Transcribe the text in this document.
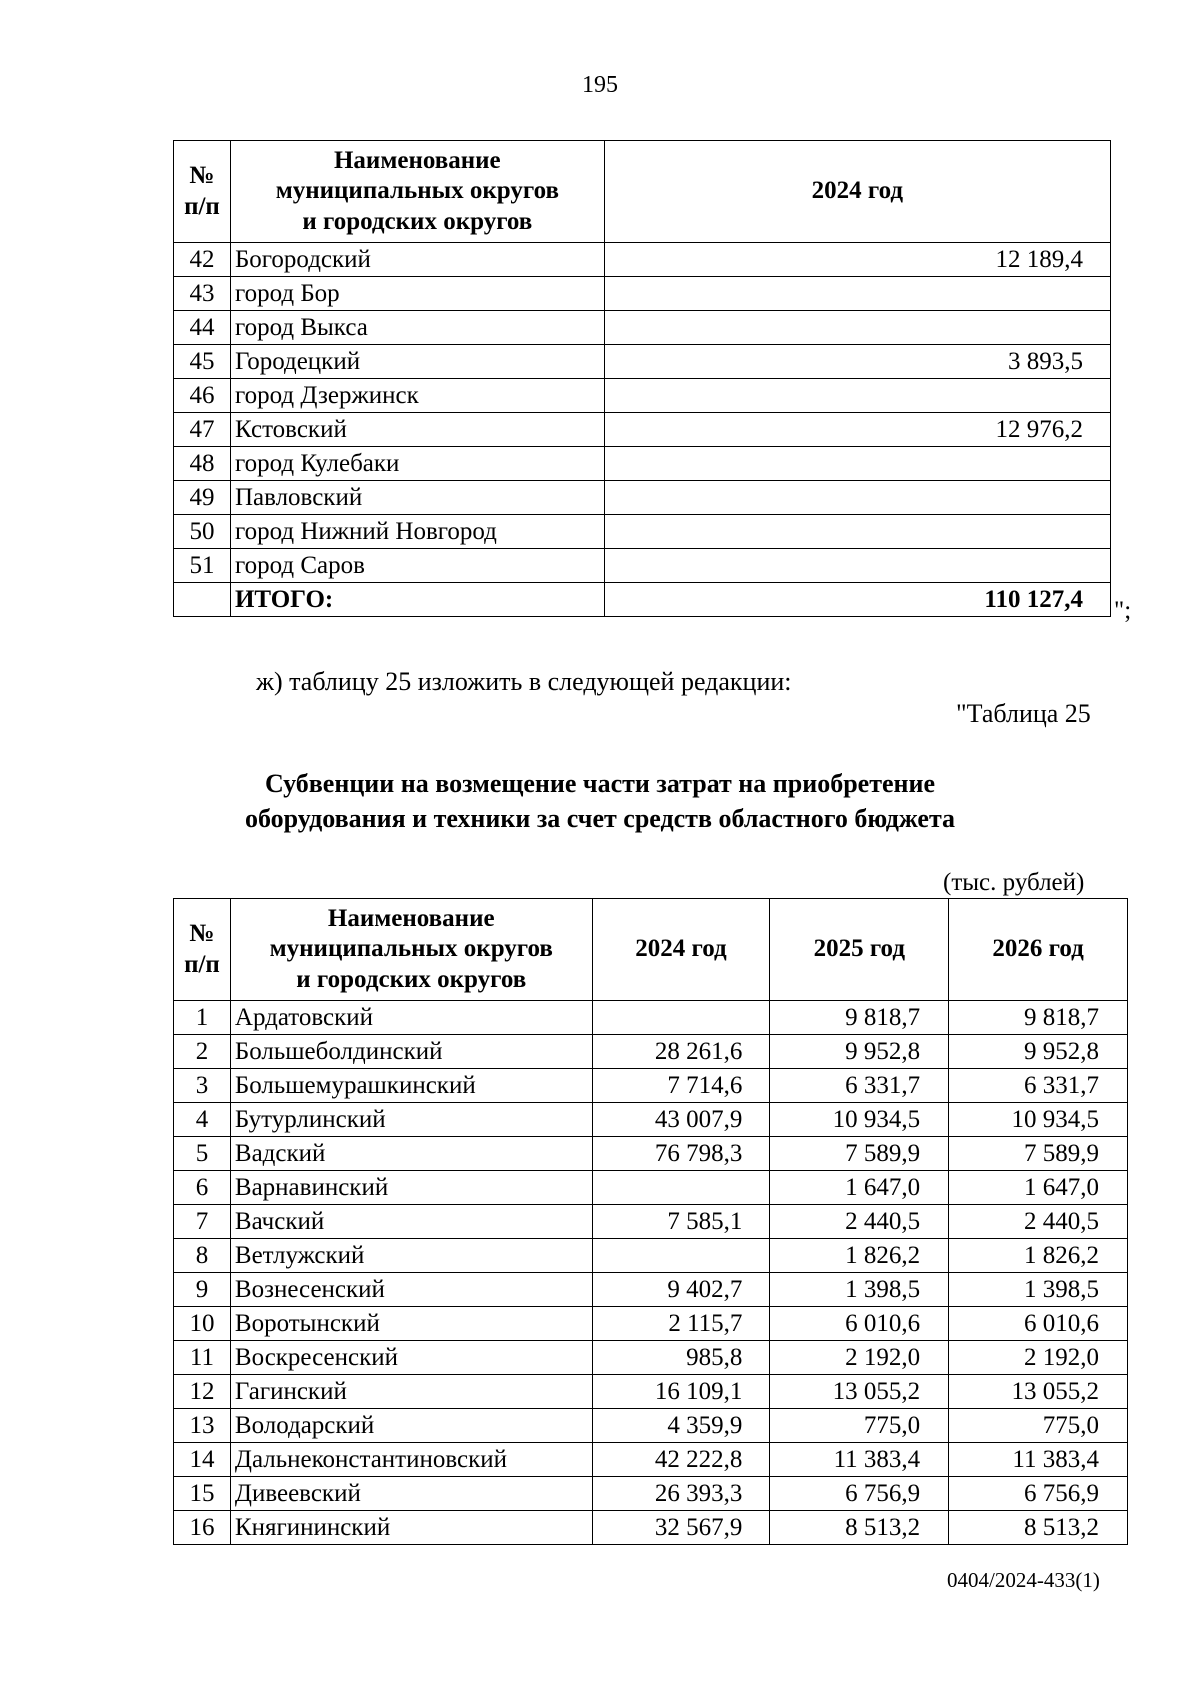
195
№
п/п	Наименование
муниципальных округов
и городских округов	2024 год
42	Богородский	12 189,4
43	город Бор	
44	город Выкса	
45	Городецкий	3 893,5
46	город Дзержинск	
47	Кстовский	12 976,2
48	город Кулебаки	
49	Павловский	
50	город Нижний Новгород	
51	город Саров	
	ИТОГО:	110 127,4 ";
ж) таблицу 25 изложить в следующей редакции:
"Таблица 25
Субвенции на возмещение части затрат на приобретение
оборудования и техники за счет средств областного бюджета
(тыс. рублей)
№
п/п	Наименование
муниципальных округов
и городских округов	2024 год	2025 год	2026 год
1	Ардатовский		9 818,7	9 818,7
2	Большеболдинский	28 261,6	9 952,8	9 952,8
3	Большемурашкинский	7 714,6	6 331,7	6 331,7
4	Бутурлинский	43 007,9	10 934,5	10 934,5
5	Вадский	76 798,3	7 589,9	7 589,9
6	Варнавинский		1 647,0	1 647,0
7	Вачский	7 585,1	2 440,5	2 440,5
8	Ветлужский		1 826,2	1 826,2
9	Вознесенский	9 402,7	1 398,5	1 398,5
10	Воротынский	2 115,7	6 010,6	6 010,6
11	Воскресенский	985,8	2 192,0	2 192,0
12	Гагинский	16 109,1	13 055,2	13 055,2
13	Володарский	4 359,9	775,0	775,0
14	Дальнеконстантиновский	42 222,8	11 383,4	11 383,4
15	Дивеевский	26 393,3	6 756,9	6 756,9
16	Княгининский	32 567,9	8 513,2	8 513,2
0404/2024-433(1)
